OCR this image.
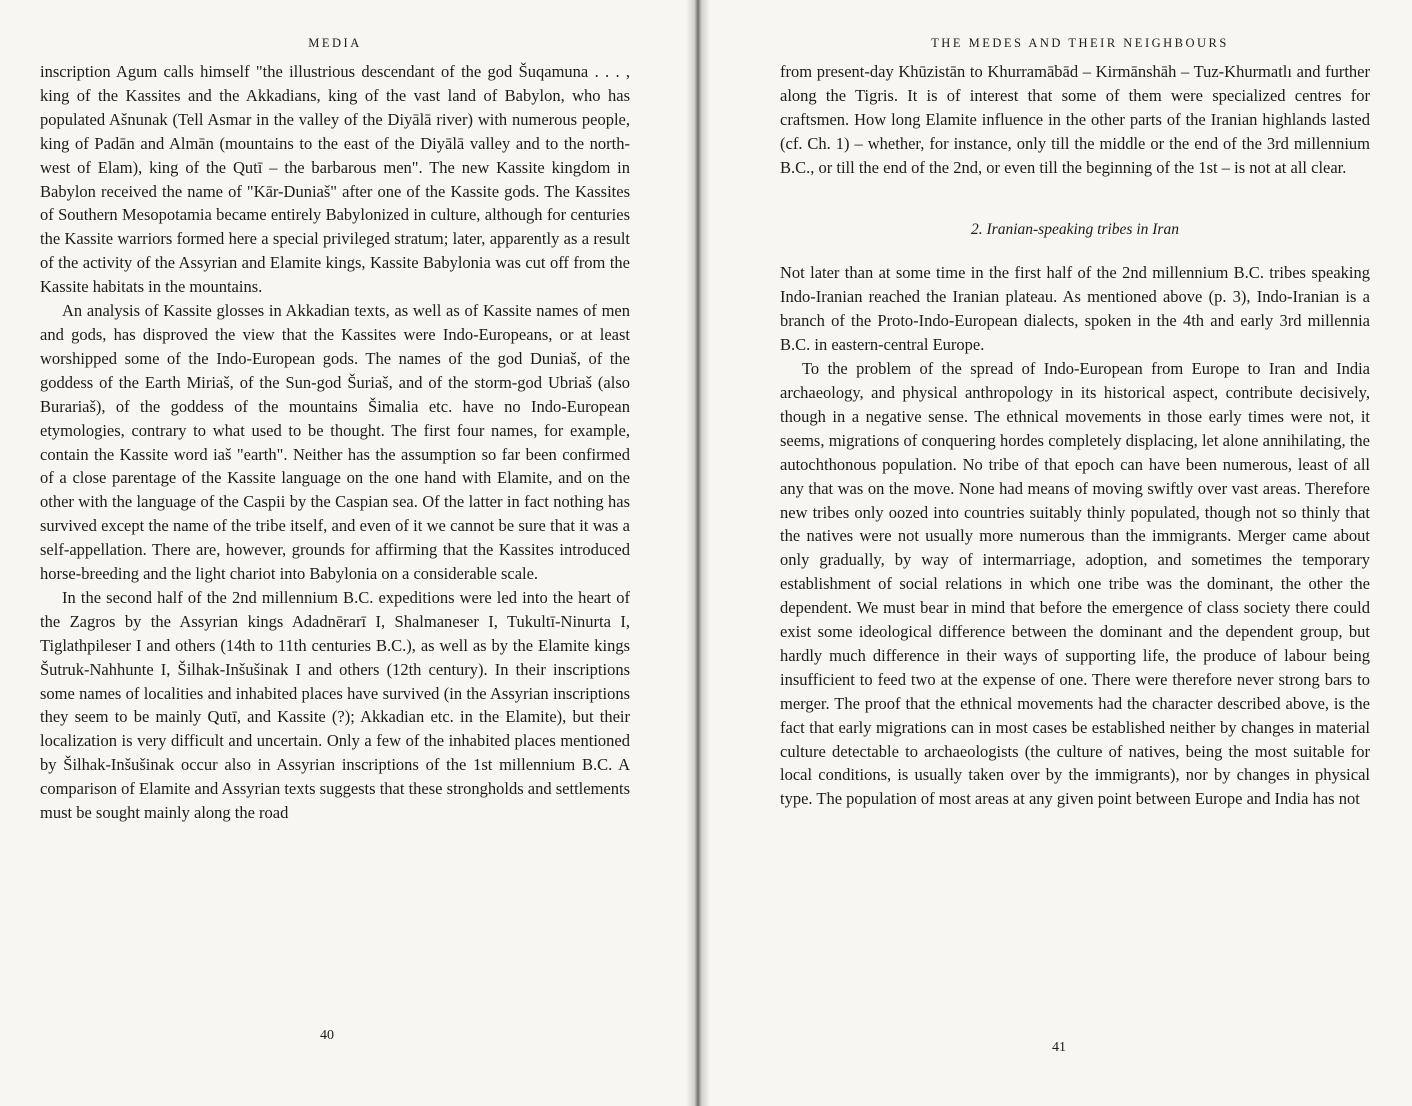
MEDIA

inscription Agum calls himself "the illustrious descendant of the god Šuqamuna . . . , king of the Kassites and the Akkadians, king of the vast land of Babylon, who has populated Ašnunak (Tell Asmar in the valley of the Diyālā river) with numerous people, king of Padān and Almān (mountains to the east of the Diyālā valley and to the north-west of Elam), king of the Qutī – the barbarous men". The new Kassite kingdom in Babylon received the name of "Kār-Duniaš" after one of the Kassite gods. The Kassites of Southern Mesopotamia became entirely Babylonized in culture, although for centuries the Kassite warriors formed here a special privileged stratum; later, apparently as a result of the activity of the Assyrian and Elamite kings, Kassite Babylonia was cut off from the Kassite habitats in the mountains.

An analysis of Kassite glosses in Akkadian texts, as well as of Kassite names of men and gods, has disproved the view that the Kassites were Indo-Europeans, or at least worshipped some of the Indo-European gods. The names of the god Duniaš, of the goddess of the Earth Miriaš, of the Sun-god Šuriaš, and of the storm-god Ubriaš (also Burariaš), of the goddess of the mountains Šimalia etc. have no Indo-European etymologies, contrary to what used to be thought. The first four names, for example, contain the Kassite word iaš "earth". Neither has the assumption so far been confirmed of a close parentage of the Kassite language on the one hand with Elamite, and on the other with the language of the Caspii by the Caspian sea. Of the latter in fact nothing has survived except the name of the tribe itself, and even of it we cannot be sure that it was a self-appellation. There are, however, grounds for affirming that the Kassites introduced horse-breeding and the light chariot into Babylonia on a considerable scale.

In the second half of the 2nd millennium B.C. expeditions were led into the heart of the Zagros by the Assyrian kings Adadnērarī I, Shalmaneser I, Tukultī-Ninurta I, Tiglathpileser I and others (14th to 11th centuries B.C.), as well as by the Elamite kings Šutruk-Nahhunte I, Šilhak-Inšušinak I and others (12th century). In their inscriptions some names of localities and inhabited places have survived (in the Assyrian inscriptions they seem to be mainly Qutī, and Kassite (?); Akkadian etc. in the Elamite), but their localization is very difficult and uncertain. Only a few of the inhabited places mentioned by Šilhak-Inšušinak occur also in Assyrian inscriptions of the 1st millennium B.C. A comparison of Elamite and Assyrian texts suggests that these strongholds and settlements must be sought mainly along the road

40
THE MEDES AND THEIR NEIGHBOURS

from present-day Khūzistān to Khurramābād – Kirmānshāh – Tuz-Khurmatlı and further along the Tigris. It is of interest that some of them were specialized centres for craftsmen. How long Elamite influence in the other parts of the Iranian highlands lasted (cf. Ch. 1) – whether, for instance, only till the middle or the end of the 3rd millennium B.C., or till the end of the 2nd, or even till the beginning of the 1st – is not at all clear.

2. Iranian-speaking tribes in Iran

Not later than at some time in the first half of the 2nd millennium B.C. tribes speaking Indo-Iranian reached the Iranian plateau. As mentioned above (p. 3), Indo-Iranian is a branch of the Proto-Indo-European dialects, spoken in the 4th and early 3rd millennia B.C. in eastern-central Europe.

To the problem of the spread of Indo-European from Europe to Iran and India archaeology, and physical anthropology in its historical aspect, contribute decisively, though in a negative sense. The ethnical movements in those early times were not, it seems, migrations of conquering hordes completely displacing, let alone annihilating, the autochthonous population. No tribe of that epoch can have been numerous, least of all any that was on the move. None had means of moving swiftly over vast areas. Therefore new tribes only oozed into countries suitably thinly populated, though not so thinly that the natives were not usually more numerous than the immigrants. Merger came about only gradually, by way of intermarriage, adoption, and sometimes the temporary establishment of social relations in which one tribe was the dominant, the other the dependent. We must bear in mind that before the emergence of class society there could exist some ideological difference between the dominant and the dependent group, but hardly much difference in their ways of supporting life, the produce of labour being insufficient to feed two at the expense of one. There were therefore never strong bars to merger. The proof that the ethnical movements had the character described above, is the fact that early migrations can in most cases be established neither by changes in material culture detectable to archaeologists (the culture of natives, being the most suitable for local conditions, is usually taken over by the immigrants), nor by changes in physical type. The population of most areas at any given point between Europe and India has not

41
